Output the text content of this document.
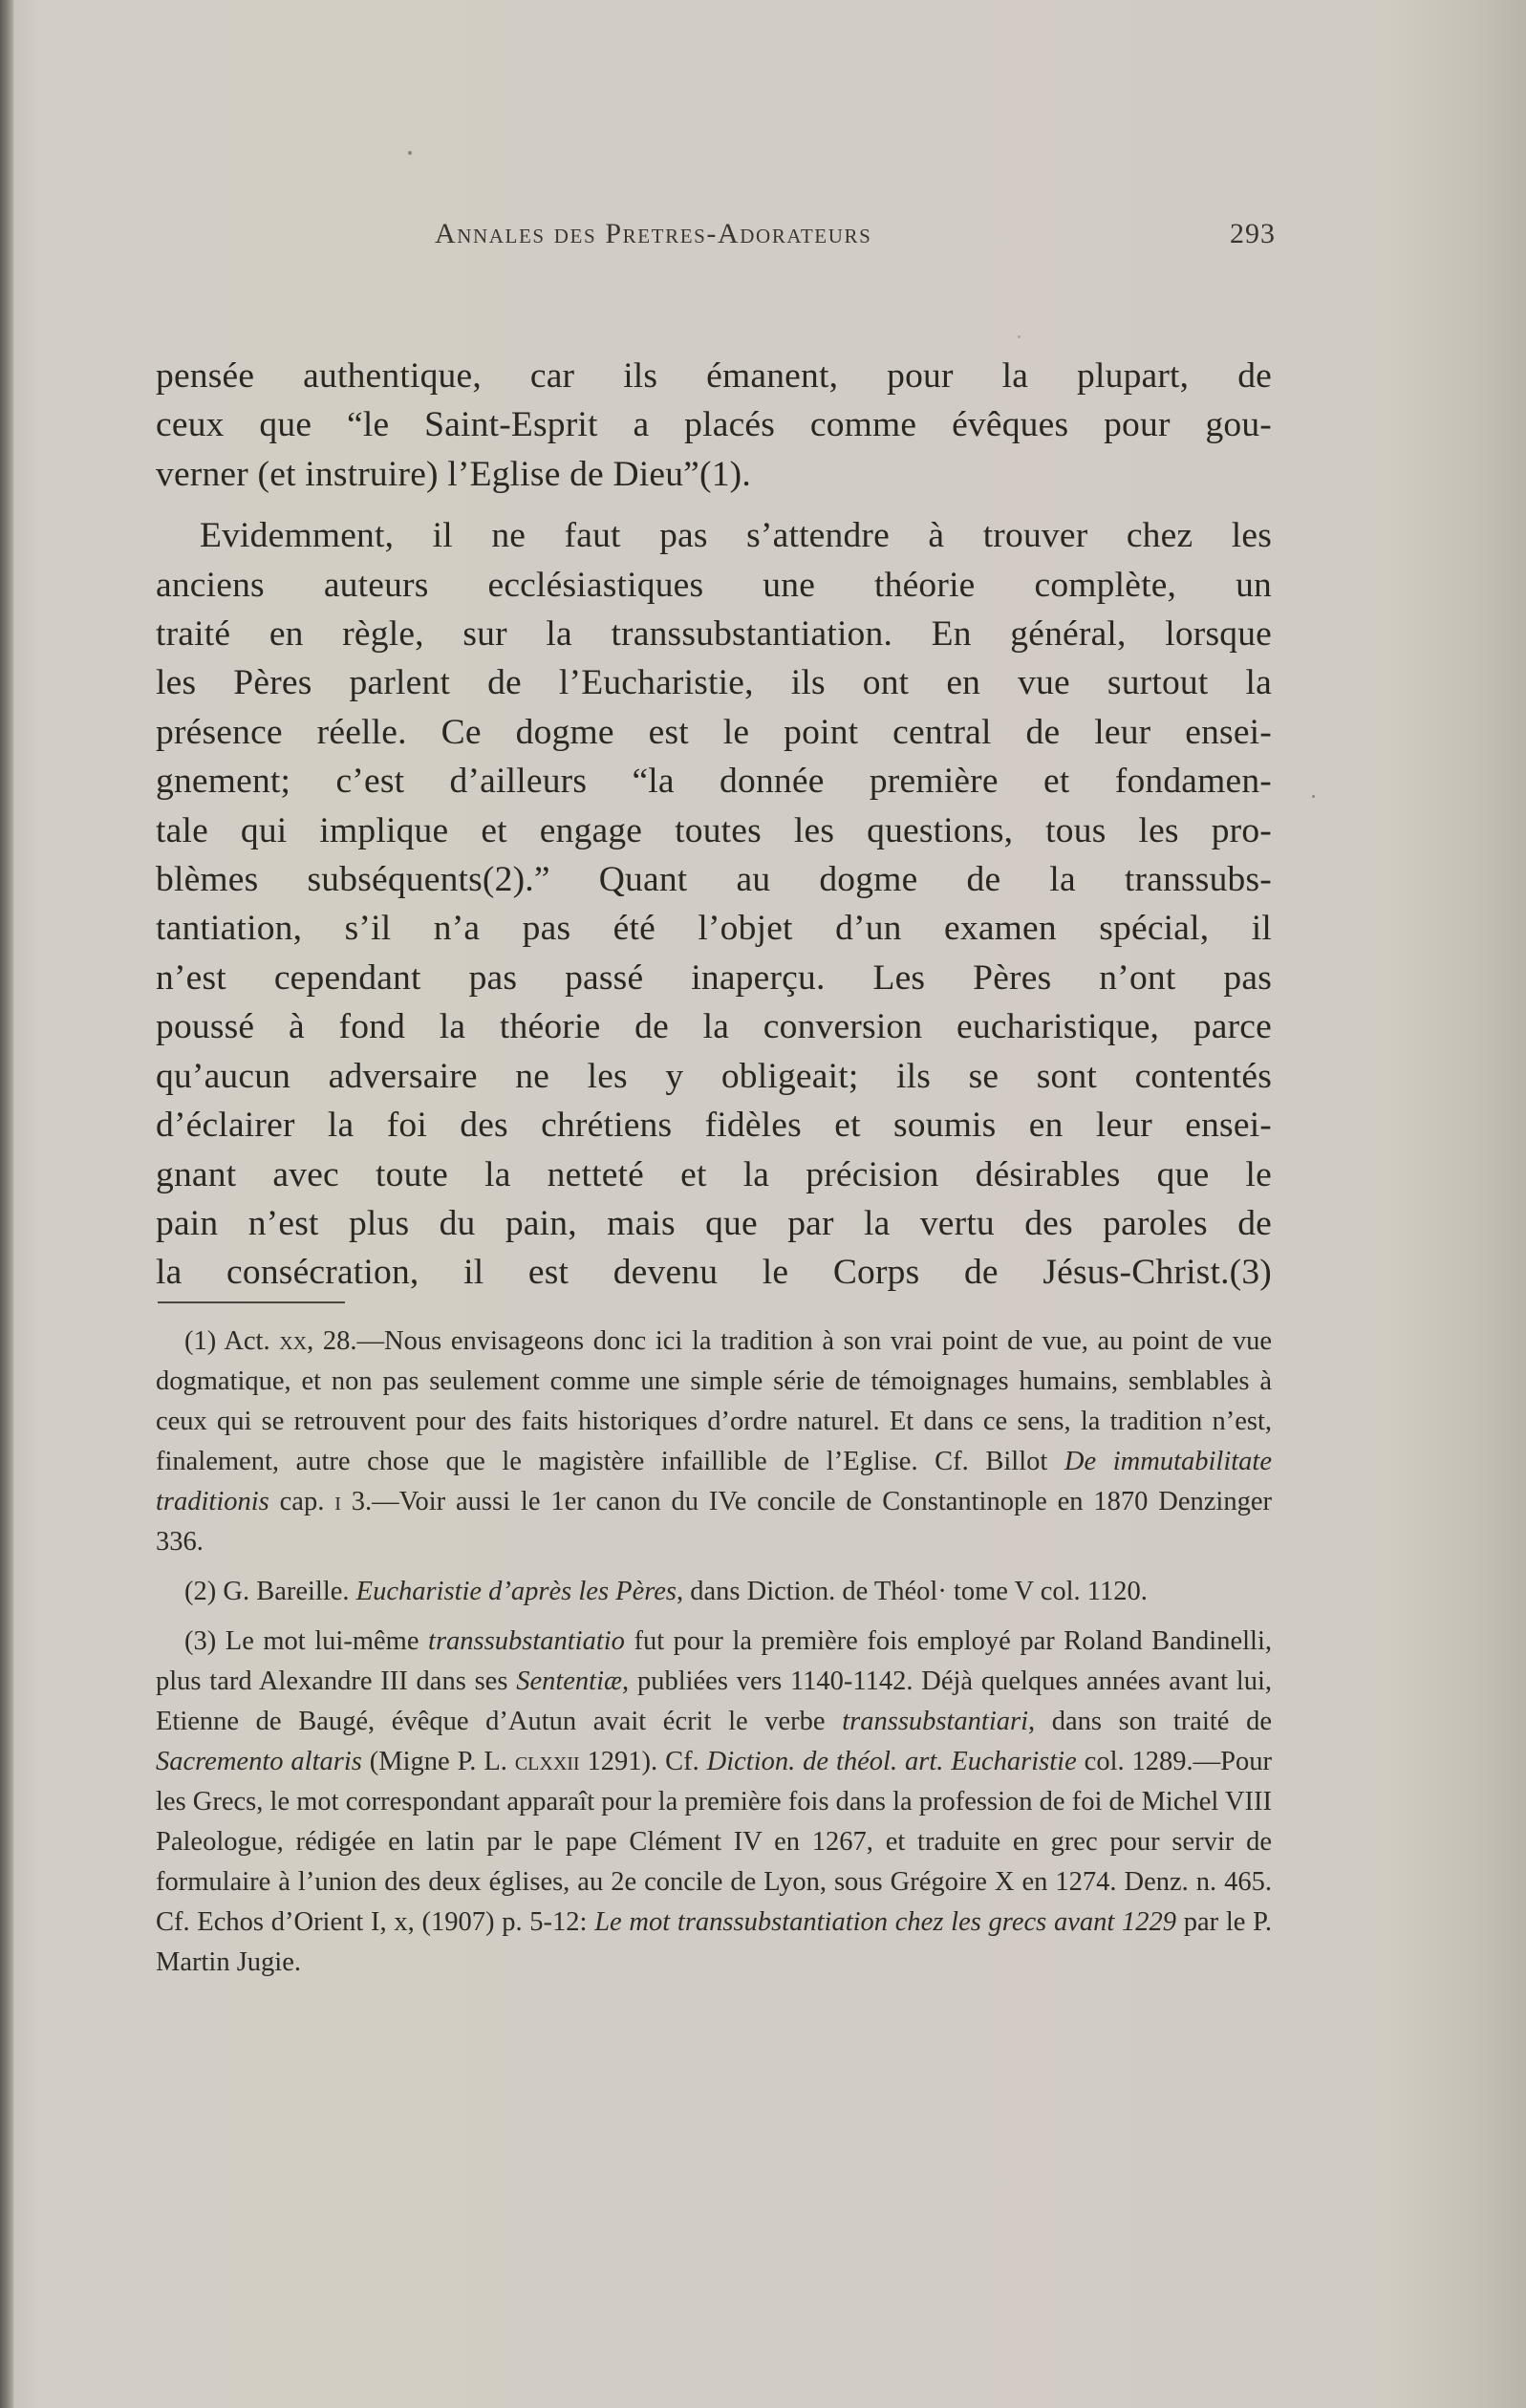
Annales des Pretres-Adorateurs	293

pensée authentique, car ils émanent, pour la plupart, de

ceux que “le Saint-Esprit a placés comme évêques pour gou-

verner (et instruire) l’Eglise de Dieu”(1).

Evidemment, il ne faut pas s’attendre à trouver chez les

anciens auteurs ecclésiastiques une théorie complète, un

traité en règle, sur la transsubstantiation. En général, lorsque

les Pères parlent de l’Eucharistie, ils ont en vue surtout la

présence réelle. Ce dogme est le point central de leur ensei-

gnement; c’est d’ailleurs “la donnée première et fondamen-

tale qui implique et engage toutes les questions, tous les pro-

blèmes subséquents(2).” Quant au dogme de la transsubs-

tantiation, s’il n’a pas été l’objet d’un examen spécial, il

n’est cependant pas passé inaperçu. Les Pères n’ont pas

poussé à fond la théorie de la conversion eucharistique, parce

qu’aucun adversaire ne les y obligeait; ils se sont contentés

d’éclairer la foi des chrétiens fidèles et soumis en leur ensei-

gnant avec toute la netteté et la précision désirables que le

pain n’est plus du pain, mais que par la vertu des paroles de

la consécration, il est devenu le Corps de Jésus-Christ.(3)

(1) Act. xx, 28.—Nous envisageons donc ici la tradition à son vrai point de vue, au point de vue dogmatique, et non pas seulement comme une simple série de témoignages humains, semblables à ceux qui se retrouvent pour des faits historiques d’ordre naturel. Et dans ce sens, la tradition n’est, finalement, autre chose que le magistère infaillible de l’Eglise. Cf. Billot De immutabilitate traditionis cap. i 3.—Voir aussi le 1er canon du IVe concile de Constantinople en 1870 Denzinger 336.

(2) G. Bareille. Eucharistie d’après les Pères, dans Diction. de Théol· tome V col. 1120.

(3) Le mot lui-même transsubstantiatio fut pour la première fois employé par Roland Bandinelli, plus tard Alexandre III dans ses Sententiæ, publiées vers 1140-1142. Déjà quelques années avant lui, Etienne de Baugé, évêque d’Autun avait écrit le verbe transsubstantiari, dans son traité de Sacremento altaris (Migne P. L. clxxii 1291). Cf. Diction. de théol. art. Eucharistie col. 1289.—Pour les Grecs, le mot correspondant apparaît pour la première fois dans la profession de foi de Michel VIII Paleologue, rédigée en latin par le pape Clément IV en 1267, et traduite en grec pour servir de formulaire à l’union des deux églises, au 2e concile de Lyon, sous Grégoire X en 1274. Denz. n. 465. Cf. Echos d’Orient I, x, (1907) p. 5-12: Le mot transsubstantiation chez les grecs avant 1229 par le P. Martin Jugie.
